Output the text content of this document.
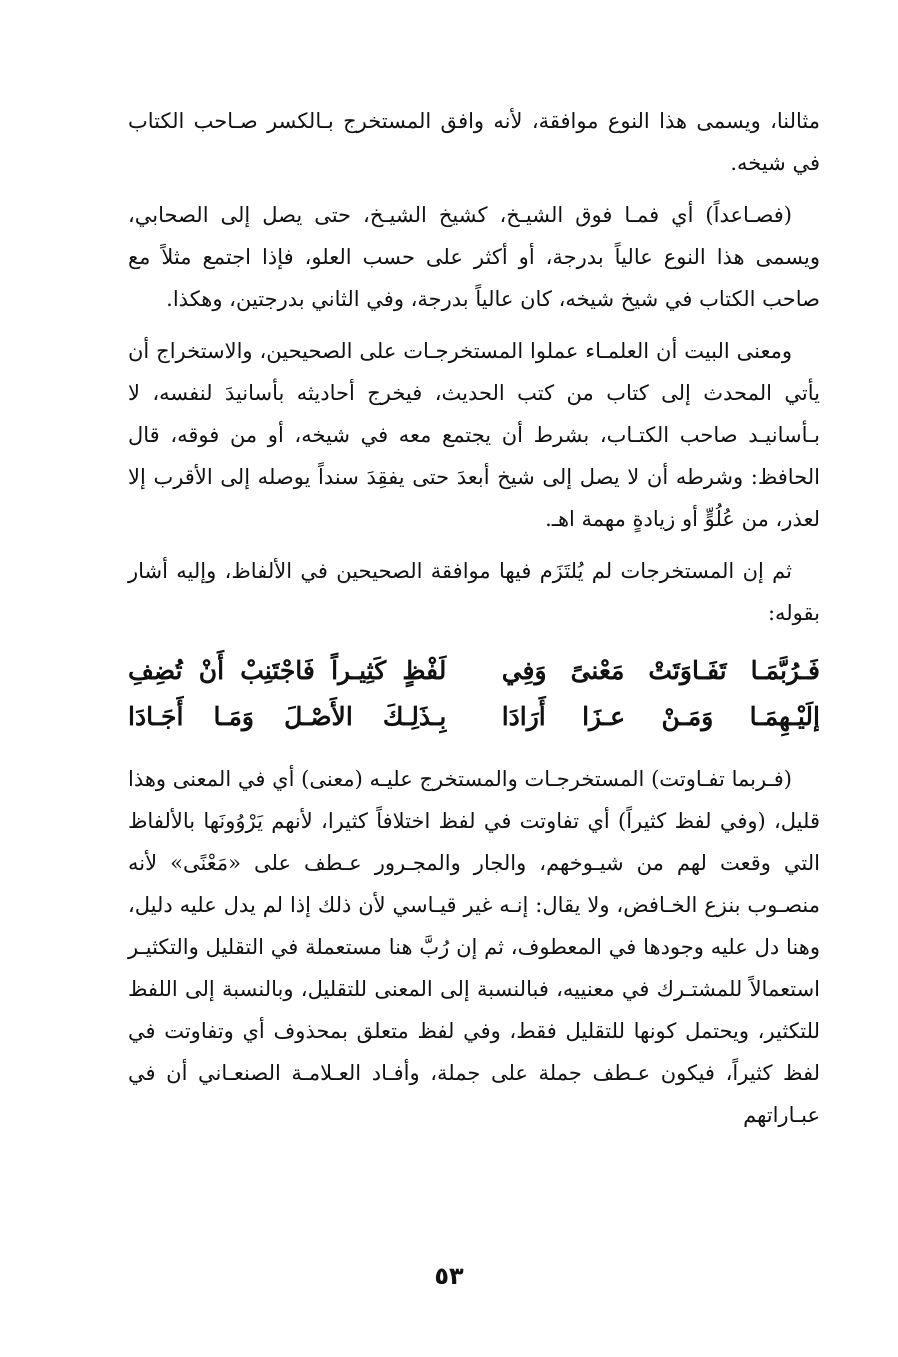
مثالنا، ويسمى هذا النوع موافقة، لأنه وافق المستخرج بـالكسر صـاحب الكتاب في شيخه.

(فصـاعداً) أي فمـا فوق الشيـخ، كشيخ الشيـخ، حتى يصل إلى الصحابي، ويسمى هذا النوع عالياً بدرجة، أو أكثر على حسب العلو، فإذا اجتمع مثلاً مع صاحب الكتاب في شيخ شيخه، كان عالياً بدرجة، وفي الثاني بدرجتين، وهكذا.

ومعنى البيت أن العلمـاء عملوا المستخرجـات على الصحيحين، والاستخراج أن يأتي المحدث إلى كتاب من كتب الحديث، فيخرج أحاديثه بأسانيدَ لنفسه، لا بـأسانيـد صاحب الكتـاب، بشرط أن يجتمع معه في شيخه، أو من فوقه، قال الحافظ: وشرطه أن لا يصل إلى شيخ أبعدَ حتى يفقِدَ سنداً يوصله إلى الأقرب إلا لعذر، من عُلُوٍّ أو زيادةٍ مهمة اهـ.

ثم إن المستخرجات لم يُلتَزَم فيها موافقة الصحيحين في الألفاظ، وإليه أشار بقوله:

فَـرُبَّمَـا تَفَـاوَتَتْ مَعْنىً وَفِي
لَفْظٍ كَثِيـراً فَاجْتَنِبْ أَنْ تُضِفِ
إلَيْـهِمَـا وَمَـنْ عـزَا أَرَادَا
بِـذَلِـكَ الأَصْـلَ وَمَـا أَجَـادَا

(فـربما تفـاوتت) المستخرجـات والمستخرج عليـه (معنى) أي في المعنى وهذا قليل، (وفي لفظ كثيراً) أي تفاوتت في لفظ اختلافاً كثيرا، لأنهم يَرْوُونَها بالألفاظ التي وقعت لهم من شيـوخهم، والجار والمجـرور عـطف على «مَعْنًى» لأنه منصـوب بنزع الخـافض، ولا يقال: إنـه غير قيـاسي لأن ذلك إذا لم يدل عليه دليل، وهنا دل عليه وجودها في المعطوف، ثم إن رُبَّ هنا مستعملة في التقليل والتكثيـر استعمالاً للمشتـرك في معنييه، فبالنسبة إلى المعنى للتقليل، وبالنسبة إلى اللفظ للتكثير، ويحتمل كونها للتقليل فقط، وفي لفظ متعلق بمحذوف أي وتفاوتت في لفظ كثيراً، فيكون عـطف جملة على جملة، وأفـاد العـلامـة الصنعـاني أن في عبـاراتهم

٥٣
